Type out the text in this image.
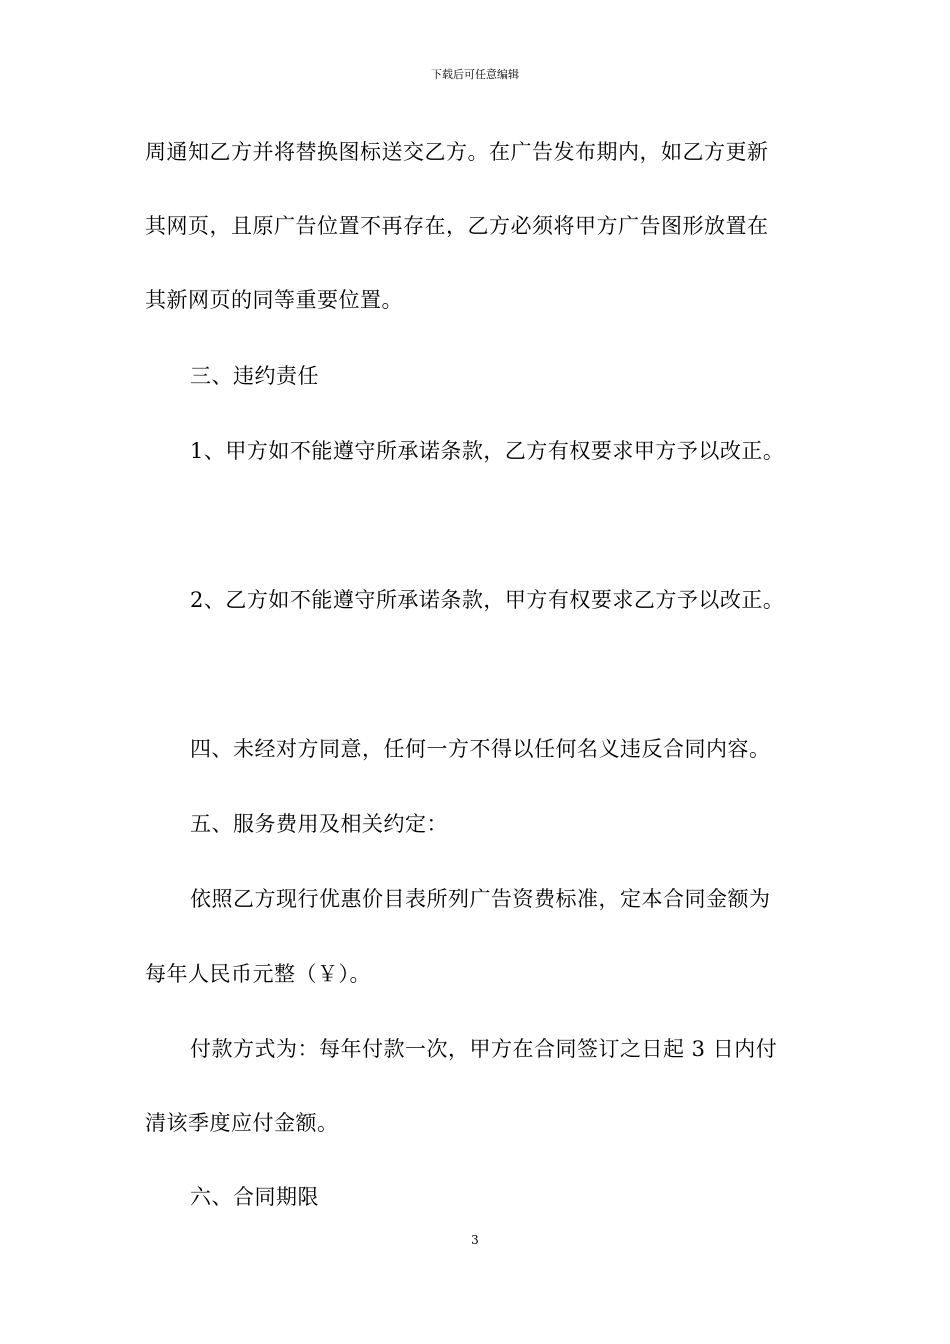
下载后可任意编辑
周通知乙方并将替换图标送交乙方。在广告发布期内，如乙方更新
其网页，且原广告位置不再存在，乙方必须将甲方广告图形放置在
其新网页的同等重要位置。
三、违约责任
1、甲方如不能遵守所承诺条款，乙方有权要求甲方予以改正。
2、乙方如不能遵守所承诺条款，甲方有权要求乙方予以改正。
四、未经对方同意，任何一方不得以任何名义违反合同内容。
五、服务费用及相关约定：
依照乙方现行优惠价目表所列广告资费标准，定本合同金额为
每年人民币元整（￥）。
付款方式为：每年付款一次，甲方在合同签订之日起 3 日内付
清该季度应付金额。
六、合同期限
3
